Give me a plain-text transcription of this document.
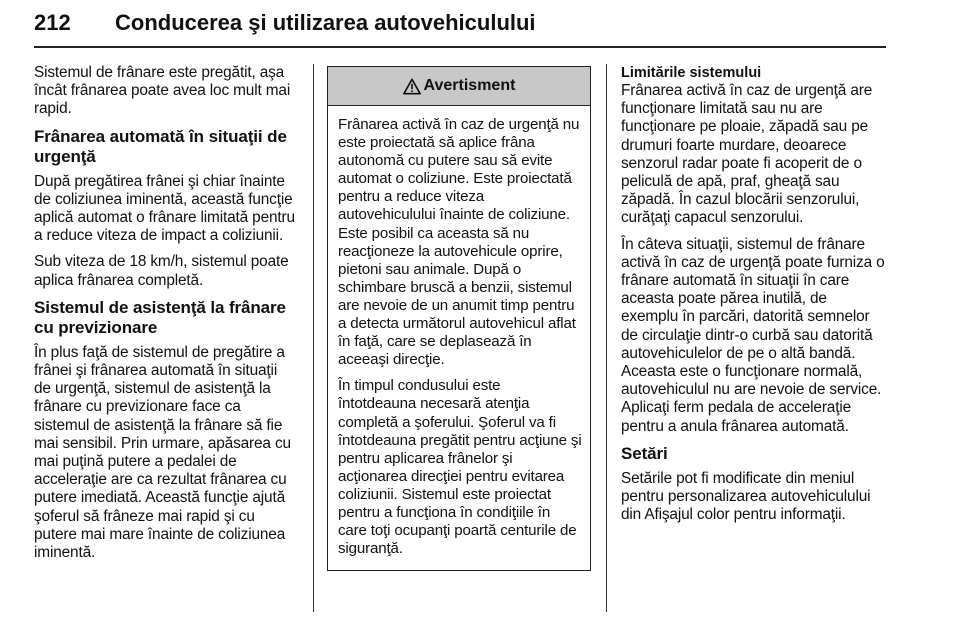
212 Conducerea şi utilizarea autovehiculului

Sistemul de frânare este pregătit, aşa încât frânarea poate avea loc mult mai rapid.

Frânarea automată în situaţii de urgenţă

După pregătirea frânei şi chiar înainte de coliziunea iminentă, această funcţie aplică automat o frânare limitată pentru a reduce viteza de impact a coliziunii.

Sub viteza de 18 km/h, sistemul poate aplica frânarea completă.

Sistemul de asistenţă la frânare cu previzionare

În plus faţă de sistemul de pregătire a frânei şi frânarea automată în situaţii de urgenţă, sistemul de asistenţă la frânare cu previzionare face ca sistemul de asistenţă la frânare să fie mai sensibil. Prin urmare, apăsarea cu mai puţină putere a pedalei de acceleraţie are ca rezultat frânarea cu putere imediată. Această funcţie ajută şoferul să frâneze mai rapid şi cu putere mai mare înainte de coliziunea iminentă.

Avertisment

Frânarea activă în caz de urgenţă nu este proiectată să aplice frâna autonomă cu putere sau să evite automat o coliziune. Este proiectată pentru a reduce viteza autovehiculului înainte de coliziune. Este posibil ca aceasta să nu reacţioneze la autovehicule oprire, pietoni sau animale. După o schimbare bruscă a benzii, sistemul are nevoie de un anumit timp pentru a detecta următorul autovehicul aflat în faţă, care se deplasează în aceeaşi direcţie.

În timpul condusului este întotdeauna necesară atenţia completă a şoferului. Şoferul va fi întotdeauna pregătit pentru acţiune şi pentru aplicarea frânelor şi acţionarea direcţiei pentru evitarea coliziunii. Sistemul este proiectat pentru a funcţiona în condiţiile în care toţi ocupanţi poartă centurile de siguranţă.

Limitările sistemului

Frânarea activă în caz de urgenţă are funcţionare limitată sau nu are funcţionare pe ploaie, zăpadă sau pe drumuri foarte murdare, deoarece senzorul radar poate fi acoperit de o peliculă de apă, praf, gheaţă sau zăpadă. În cazul blocării senzorului, curăţaţi capacul senzorului.

În câteva situaţii, sistemul de frânare activă în caz de urgenţă poate furniza o frânare automată în situaţii în care aceasta poate părea inutilă, de exemplu în parcări, datorită semnelor de circulaţie dintr-o curbă sau datorită autovehiculelor de pe o altă bandă. Aceasta este o funcţionare normală, autovehiculul nu are nevoie de service. Aplicaţi ferm pedala de acceleraţie pentru a anula frânarea automată.

Setări

Setările pot fi modificate din meniul pentru personalizarea autovehiculului din Afişajul color pentru informaţii.
